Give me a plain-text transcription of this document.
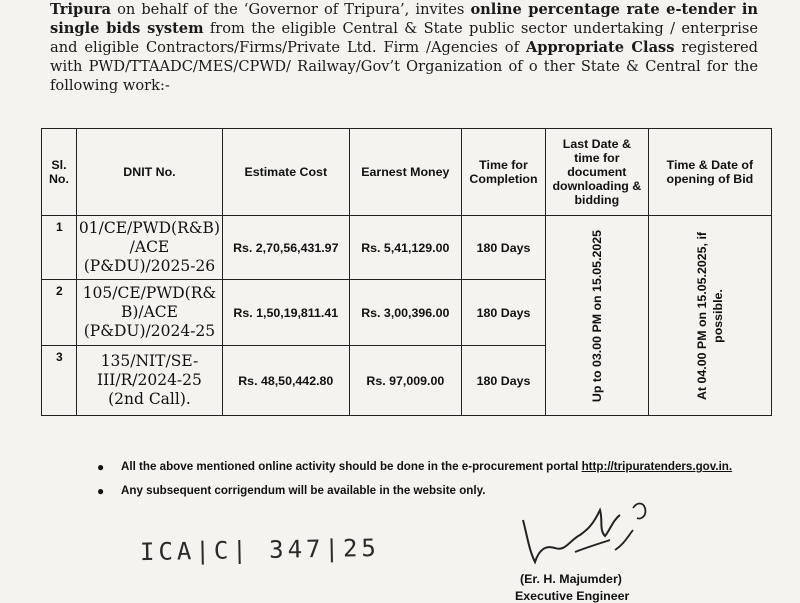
Tripura on behalf of the ‘Governor of Tripura’, invites online percentage rate e-tender in single bids system from the eligible Central & State public sector undertaking / enterprise and eligible Contractors/Firms/Private Ltd. Firm /Agencies of Appropriate Class registered with PWD/TTAADC/MES/CPWD/ Railway/Gov’t Organization of o ther State & Central for the following work:-
Sl. No.	DNIT No.	Estimate Cost	Earnest Money	Time for Completion	Last Date & time for document downloading & bidding	Time & Date of opening of Bid
1	01/CE/PWD(R&B) /ACE (P&DU)/2025-26	Rs. 2,70,56,431.97	Rs. 5,41,129.00	180 Days	Up to 03.00 PM on 15.05.2025	At 04.00 PM on 15.05.2025, if possible.

2	105/CE/PWD(R& B)/ACE (P&DU)/2024-25	Rs. 1,50,19,811.41	Rs. 3,00,396.00	180 Days		
3	135/NIT/SE- III/R/2024-25 (2nd Call).	Rs. 48,50,442.80	Rs. 97,009.00	180 Days		
●	All the above mentioned online activity should be done in the e-procurement portal http://tripuratenders.gov.in.
●	Any subsequent corrigendum will be available in the website only.
ICA|C| 347|25
(Er. H. Majumder)
Executive Engineer
